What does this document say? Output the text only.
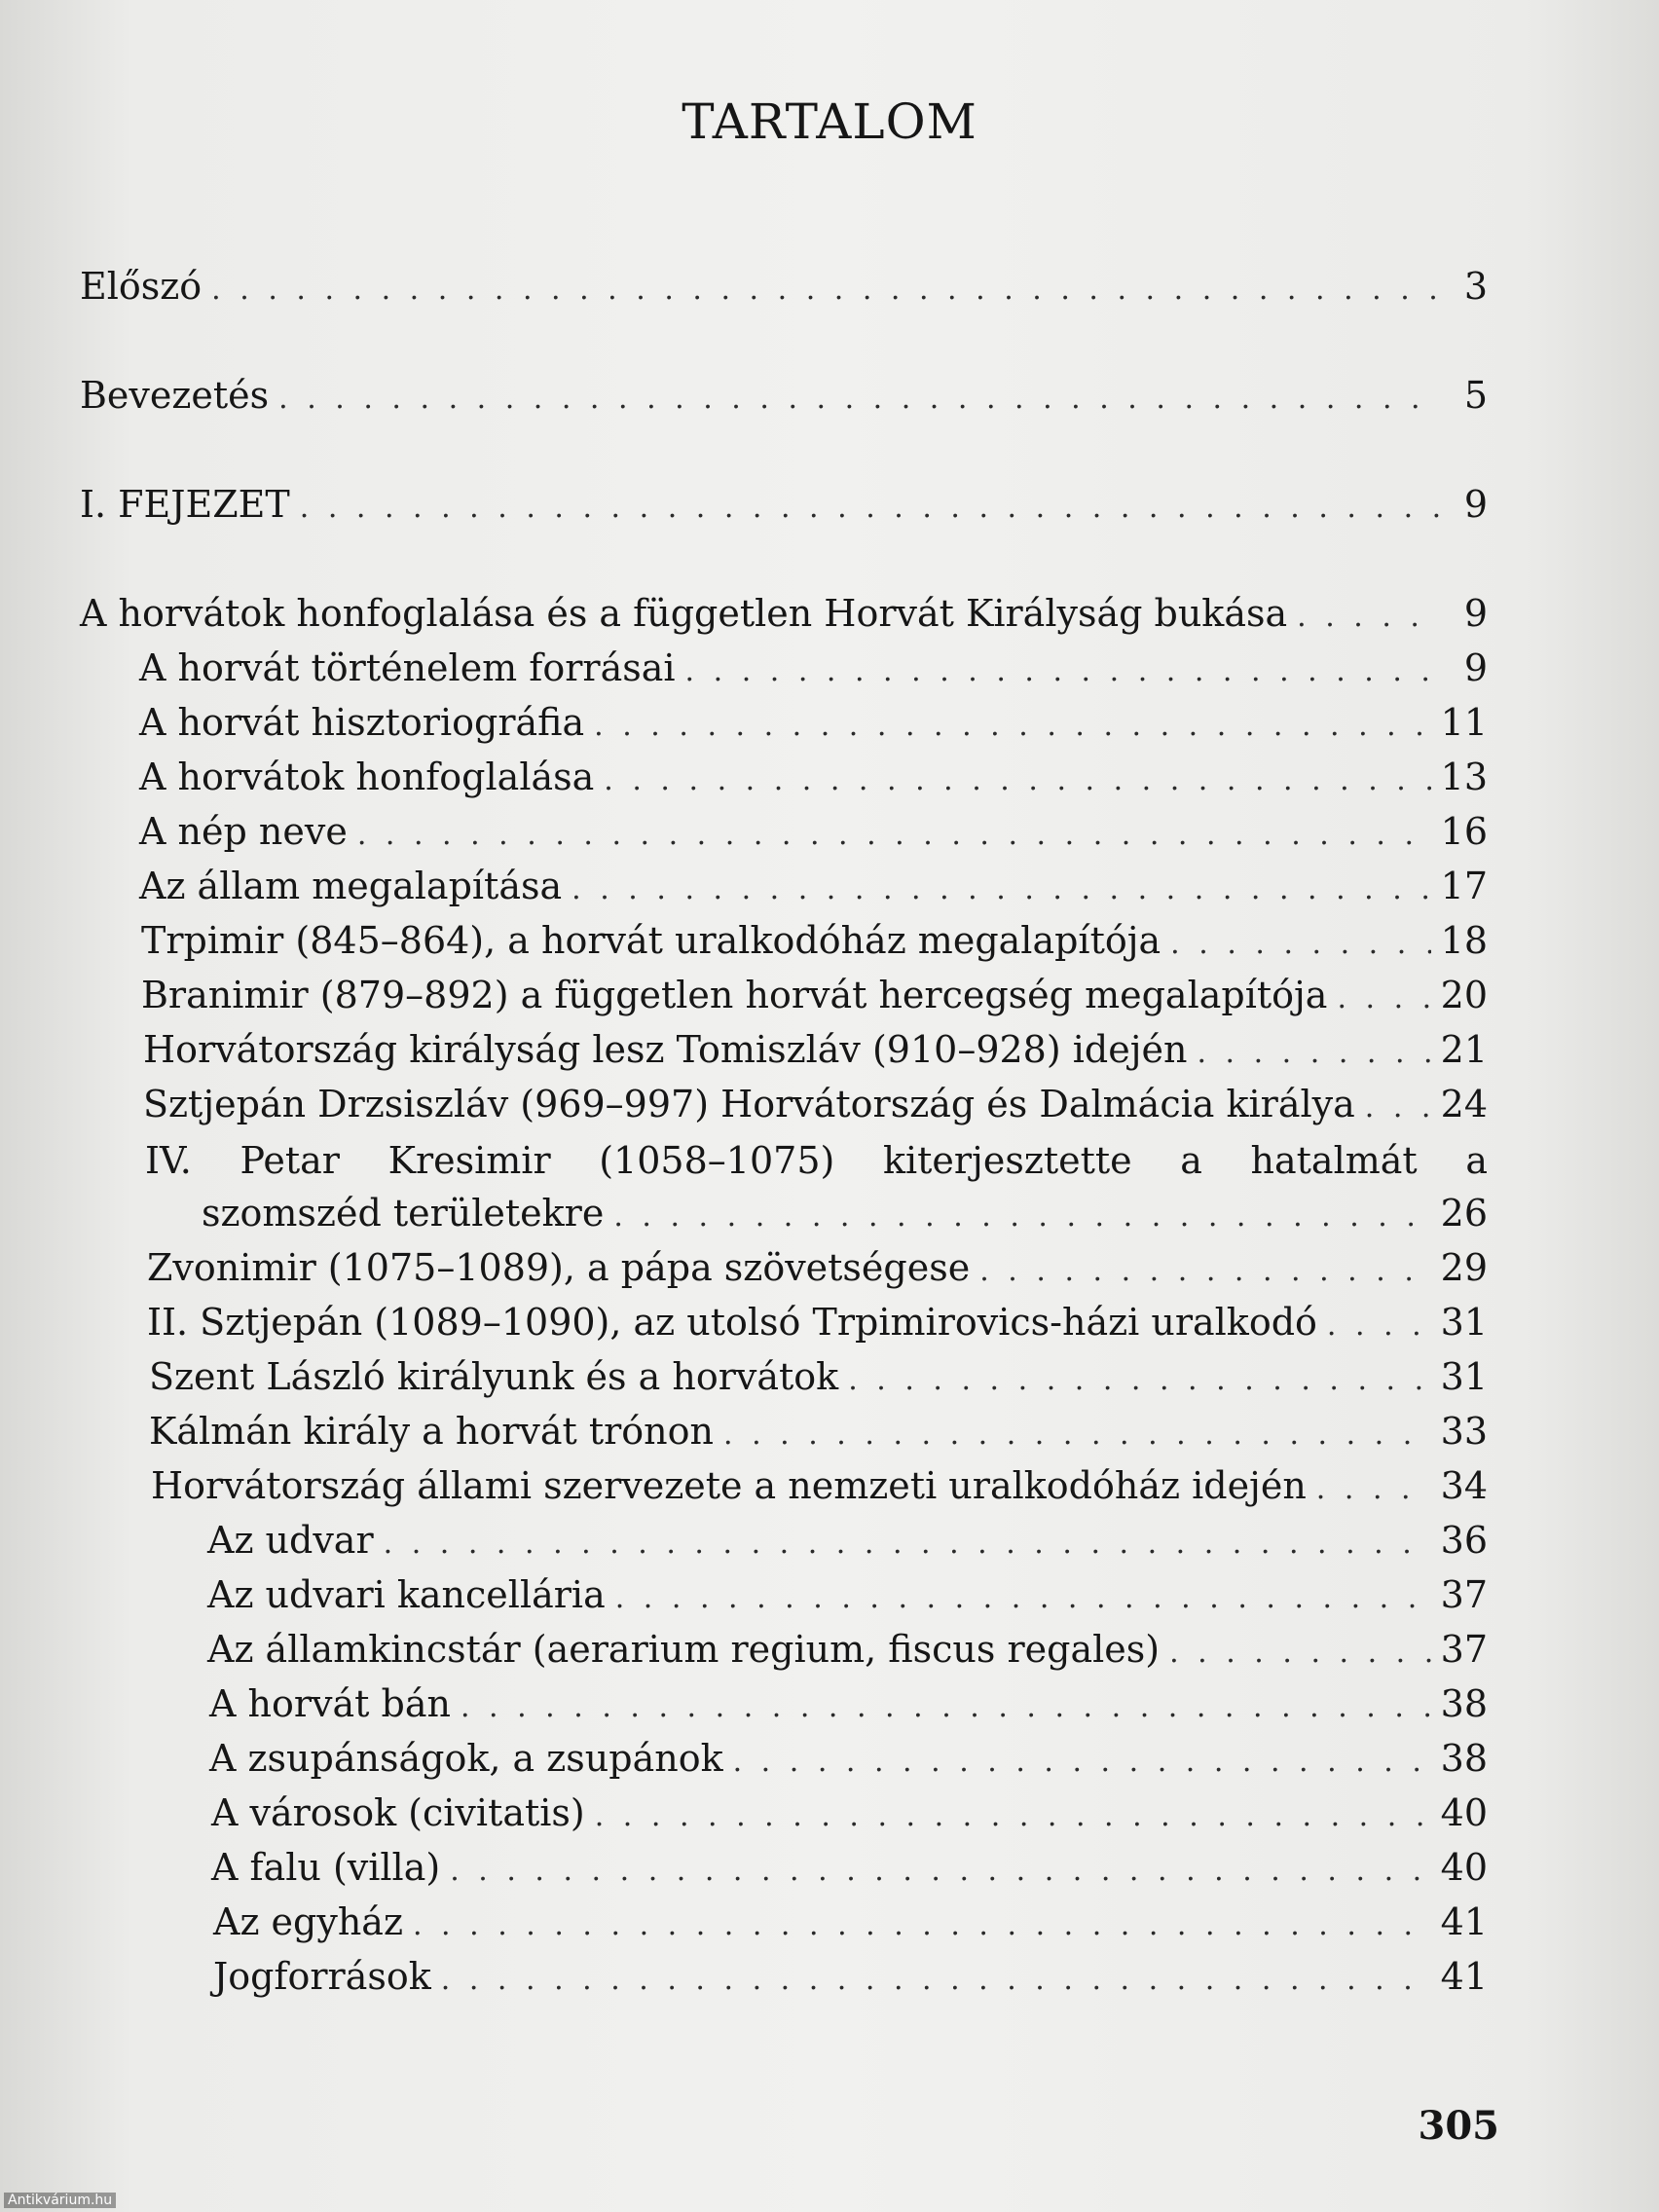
TARTALOM
Előszó . . .	3
Bevezetés . . .	5
I. FEJEZET . . .	9
A horvátok honfoglalása és a független Horvát Királyság bukása . . .	9
A horvát történelem forrásai . . .	9
A horvát hisztoriográfia . . .	11
A horvátok honfoglalása . . .	13
A nép neve . . .	16
Az állam megalapítása . . .	17
Trpimir (845–864), a horvát uralkodóház megalapítója . . .	18
Branimir (879–892) a független horvát hercegség megalapítója . . .	20
Horvátország királyság lesz Tomiszláv (910–928) idején . . .	21
Sztjepán Drzsiszláv (969–997) Horvátország és Dalmácia királya . . . 24
IV. Petar Kresimir (1058–1075) kiterjesztette a hatalmát a
szomszéd területekre . . .	26
Zvonimir (1075–1089), a pápa szövetségese . . .	29
II. Sztjepán (1089–1090), az utolsó Trpimirovics-házi uralkodó . . .	31
Szent László királyunk és a horvátok . . .	31
Kálmán király a horvát trónon . . .	33
Horvátország állami szervezete a nemzeti uralkodóház idején . . .	34
Az udvar . . .	36
Az udvari kancellária . . .	37
Az államkincstár (aerarium regium, fiscus regales) . . .	37
A horvát bán . . .	38
A zsupánságok, a zsupánok . . .	38
A városok (civitatis) . . .	40
A falu (villa) . . .	40
Az egyház . . .	41
Jogforrások . . .	41
305
Antikvárium.hu
